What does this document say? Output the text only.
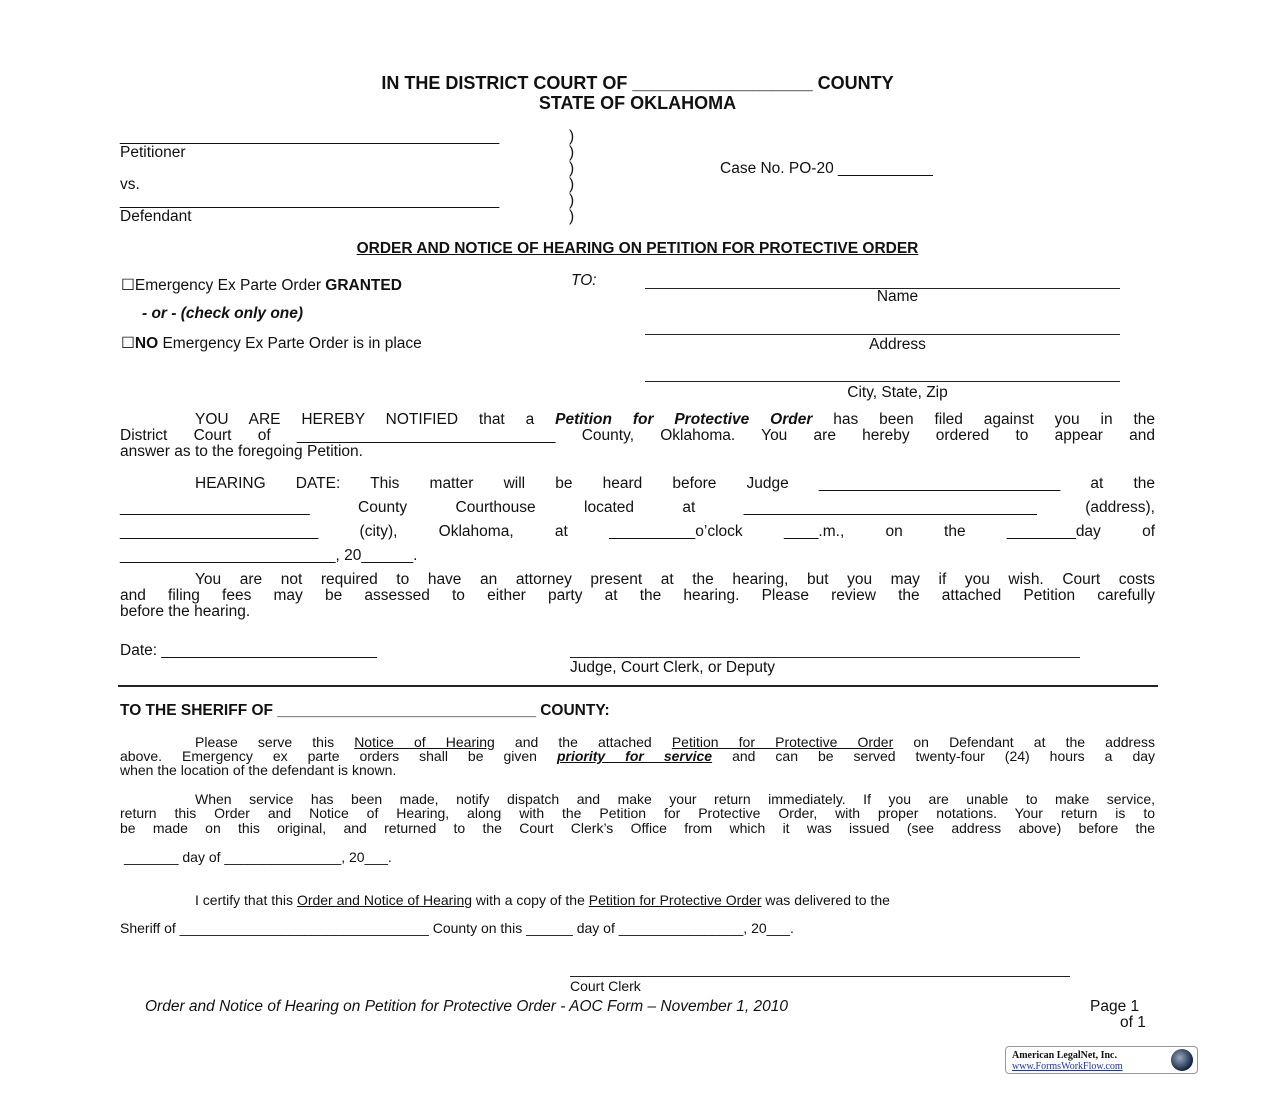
IN THE DISTRICT COURT OF __________________ COUNTY
STATE OF OKLAHOMA
____________________________________________
Petitioner
vs.
____________________________________________
Defendant
)
)
)
)
)
)
Case No. PO-20 ___________
ORDER AND NOTICE OF HEARING ON PETITION FOR PROTECTIVE ORDER
☐Emergency Ex Parte Order GRANTED
- or - (check only one)
☐NO Emergency Ex Parte Order is in place
TO:
Name
Address
City, State, Zip
YOU ARE HEREBY NOTIFIED that a Petition for Protective Order has been filed against you in the
District Court of ______________________________ County, Oklahoma. You are hereby ordered to appear and
answer as to the foregoing Petition.
HEARING DATE: This matter will be heard before Judge ____________________________ at the
______________________ County Courthouse located at __________________________________ (address),
_______________________ (city), Oklahoma, at __________o’clock ____.m., on the ________day of
_________________________, 20______.
You are not required to have an attorney present at the hearing, but you may if you wish. Court costs
and filing fees may be assessed to either party at the hearing. Please review the attached Petition carefully
before the hearing.
Date: _________________________
Judge, Court Clerk, or Deputy
TO THE SHERIFF OF ______________________________ COUNTY:
Please serve this Notice of Hearing and the attached Petition for Protective Order on Defendant at the address
above. Emergency ex parte orders shall be given priority for service and can be served twenty-four (24) hours a day
when the location of the defendant is known.
When service has been made, notify dispatch and make your return immediately. If you are unable to make service,
return this Order and Notice of Hearing, along with the Petition for Protective Order, with proper notations. Your return is to
be made on this original, and returned to the Court Clerk’s Office from which it was issued (see address above) before the
_______ day of _______________, 20___.
I certify that this Order and Notice of Hearing with a copy of the Petition for Protective Order was delivered to the
Sheriff of ________________________________ County on this ______ day of ________________, 20___.
Court Clerk
Order and Notice of Hearing on Petition for Protective Order - AOC Form – November 1, 2010	Page 1
of 1
American LegalNet, Inc.
www.FormsWorkFlow.com
